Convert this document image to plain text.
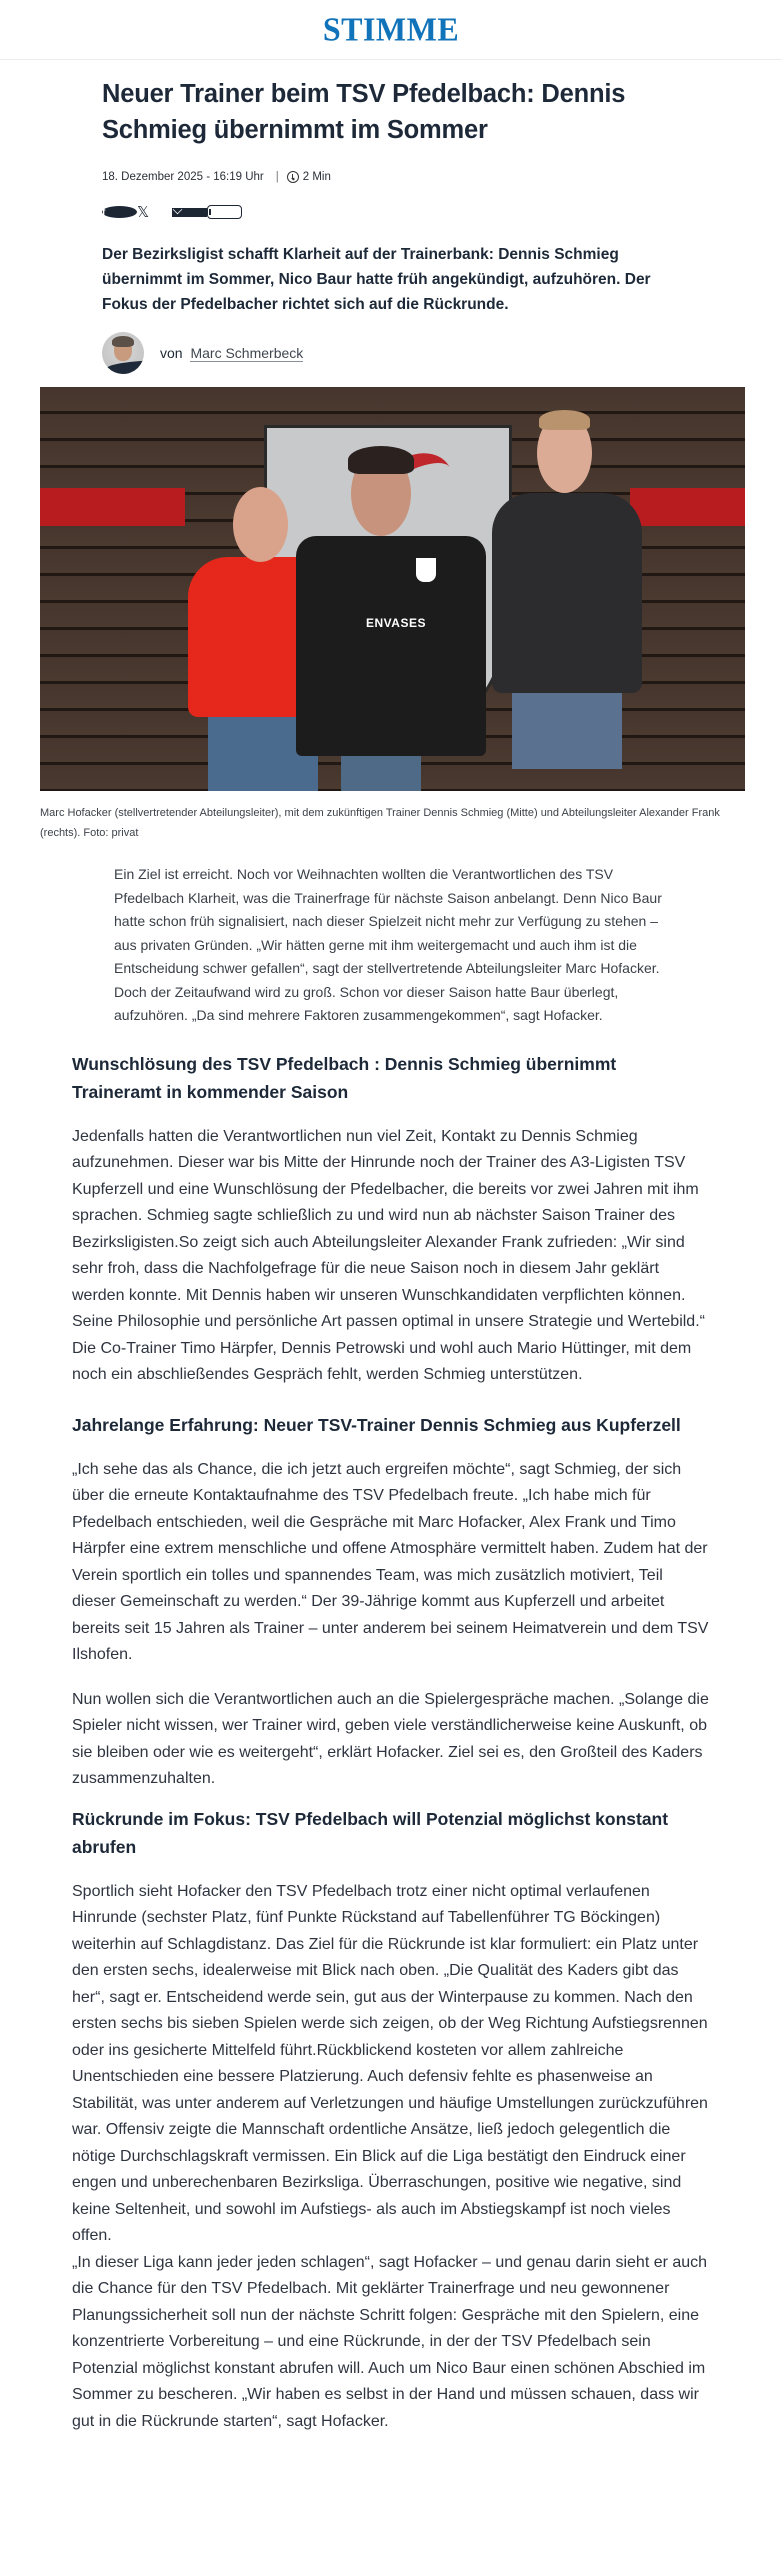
STIMME
Neuer Trainer beim TSV Pfedelbach: Dennis Schmieg übernimmt im Sommer
18. Dezember 2025 - 16:19 Uhr | 2 Min
f	𝕏

Der Bezirksligist schafft Klarheit auf der Trainerbank: Dennis Schmieg übernimmt im Sommer, Nico Baur hatte früh angekündigt, aufzuhören. Der Fokus der Pfedelbacher richtet sich auf die Rückrunde.

von Marc Schmerbeck
ENVASES
Marc Hofacker (stellvertretender Abteilungsleiter), mit dem zukünftigen Trainer Dennis Schmieg (Mitte) und Abteilungsleiter Alexander Frank (rechts). Foto: privat

Ein Ziel ist erreicht. Noch vor Weihnachten wollten die Verantwortlichen des TSV Pfedelbach Klarheit, was die Trainerfrage für nächste Saison anbelangt. Denn Nico Baur hatte schon früh signalisiert, nach dieser Spielzeit nicht mehr zur Verfügung zu stehen – aus privaten Gründen. „Wir hätten gerne mit ihm weitergemacht und auch ihm ist die Entscheidung schwer gefallen“, sagt der stellvertretende Abteilungsleiter Marc Hofacker. Doch der Zeitaufwand wird zu groß. Schon vor dieser Saison hatte Baur überlegt, aufzuhören. „Da sind mehrere Faktoren zusammengekommen“, sagt Hofacker.

Wunschlösung des TSV Pfedelbach : Dennis Schmieg übernimmt Traineramt in kommender Saison

Jedenfalls hatten die Verantwortlichen nun viel Zeit, Kontakt zu Dennis Schmieg aufzunehmen. Dieser war bis Mitte der Hinrunde noch der Trainer des A3-Ligisten TSV Kupferzell und eine Wunschlösung der Pfedelbacher, die bereits vor zwei Jahren mit ihm sprachen. Schmieg sagte schließlich zu und wird nun ab nächster Saison Trainer des Bezirksligisten.So zeigt sich auch Abteilungsleiter Alexander Frank zufrieden: „Wir sind sehr froh, dass die Nachfolgefrage für die neue Saison noch in diesem Jahr geklärt werden konnte. Mit Dennis haben wir unseren Wunschkandidaten verpflichten können. Seine Philosophie und persönliche Art passen optimal in unsere Strategie und Wertebild.“ Die Co-Trainer Timo Härpfer, Dennis Petrowski und wohl auch Mario Hüttinger, mit dem noch ein abschließendes Gespräch fehlt, werden Schmieg unterstützen.

Jahrelange Erfahrung: Neuer TSV-Trainer Dennis Schmieg aus Kupferzell

„Ich sehe das als Chance, die ich jetzt auch ergreifen möchte“, sagt Schmieg, der sich über die erneute Kontaktaufnahme des TSV Pfedelbach freute. „Ich habe mich für Pfedelbach entschieden, weil die Gespräche mit Marc Hofacker, Alex Frank und Timo Härpfer eine extrem menschliche und offene Atmosphäre vermittelt haben. Zudem hat der Verein sportlich ein tolles und spannendes Team, was mich zusätzlich motiviert, Teil dieser Gemeinschaft zu werden.“ Der 39-Jährige kommt aus Kupferzell und arbeitet bereits seit 15 Jahren als Trainer – unter anderem bei seinem Heimatverein und dem TSV Ilshofen.

Nun wollen sich die Verantwortlichen auch an die Spielergespräche machen. „Solange die Spieler nicht wissen, wer Trainer wird, geben viele verständlicherweise keine Auskunft, ob sie bleiben oder wie es weitergeht“, erklärt Hofacker. Ziel sei es, den Großteil des Kaders zusammenzuhalten.

Rückrunde im Fokus: TSV Pfedelbach will Potenzial möglichst konstant abrufen

Sportlich sieht Hofacker den TSV Pfedelbach trotz einer nicht optimal verlaufenen Hinrunde (sechster Platz, fünf Punkte Rückstand auf Tabellenführer TG Böckingen) weiterhin auf Schlagdistanz. Das Ziel für die Rückrunde ist klar formuliert: ein Platz unter den ersten sechs, idealerweise mit Blick nach oben. „Die Qualität des Kaders gibt das her“, sagt er. Entscheidend werde sein, gut aus der Winterpause zu kommen. Nach den ersten sechs bis sieben Spielen werde sich zeigen, ob der Weg Richtung Aufstiegsrennen oder ins gesicherte Mittelfeld führt.Rückblickend kosteten vor allem zahlreiche Unentschieden eine bessere Platzierung. Auch defensiv fehlte es phasenweise an Stabilität, was unter anderem auf Verletzungen und häufige Umstellungen zurückzuführen war. Offensiv zeigte die Mannschaft ordentliche Ansätze, ließ jedoch gelegentlich die nötige Durchschlagskraft vermissen. Ein Blick auf die Liga bestätigt den Eindruck einer engen und unberechenbaren Bezirksliga. Überraschungen, positive wie negative, sind keine Seltenheit, und sowohl im Aufstiegs- als auch im Abstiegskampf ist noch vieles offen.

„In dieser Liga kann jeder jeden schlagen“, sagt Hofacker – und genau darin sieht er auch die Chance für den TSV Pfedelbach. Mit geklärter Trainerfrage und neu gewonnener Planungssicherheit soll nun der nächste Schritt folgen: Gespräche mit den Spielern, eine konzentrierte Vorbereitung – und eine Rückrunde, in der der TSV Pfedelbach sein Potenzial möglichst konstant abrufen will. Auch um Nico Baur einen schönen Abschied im Sommer zu bescheren. „Wir haben es selbst in der Hand und müssen schauen, dass wir gut in die Rückrunde starten“, sagt Hofacker.
